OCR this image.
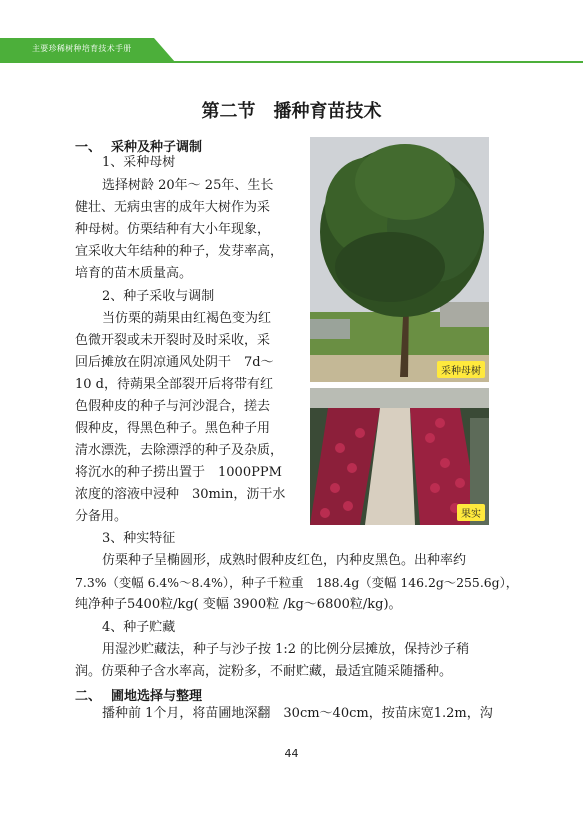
主要珍稀树种培育技术手册
第二节　播种育苗技术
一、 采种及种子调制
1、采种母树
选择树龄 20年～ 25年、生长
健壮、无病虫害的成年大树作为采
种母树。仿栗结种有大小年现象，
宜采收大年结种的种子，发芽率高，
培育的苗木质量高。
2、种子采收与调制
当仿栗的蒴果由红褐色变为红
色微开裂或未开裂时及时采收，采
回后摊放在阴凉通风处阴干　7d～
10 d，待蒴果全部裂开后将带有红
色假种皮的种子与河沙混合，搓去
假种皮，得黑色种子。黑色种子用
清水漂洗，去除漂浮的种子及杂质，
将沉水的种子捞出置于　1000PPM
浓度的溶液中浸种　30min，沥干水
分备用。
3、种实特征
仿栗种子呈椭圆形，成熟时假种皮红色，内种皮黑色。出种率约
7.3%（变幅 6.4%～8.4%），种子千粒重　188.4g（变幅 146.2g～255.6g），
纯净种子5400粒/kg( 变幅 3900粒 /kg～6800粒/kg)。
4、种子贮藏
用湿沙贮藏法，种子与沙子按 1:2 的比例分层摊放，保持沙子稍
润。仿栗种子含水率高，淀粉多，不耐贮藏，最适宜随采随播种。
二、 圃地选择与整理
播种前 1个月，将苗圃地深翻　30cm～40cm，按苗床宽1.2m，沟
采种母树
果实
44
